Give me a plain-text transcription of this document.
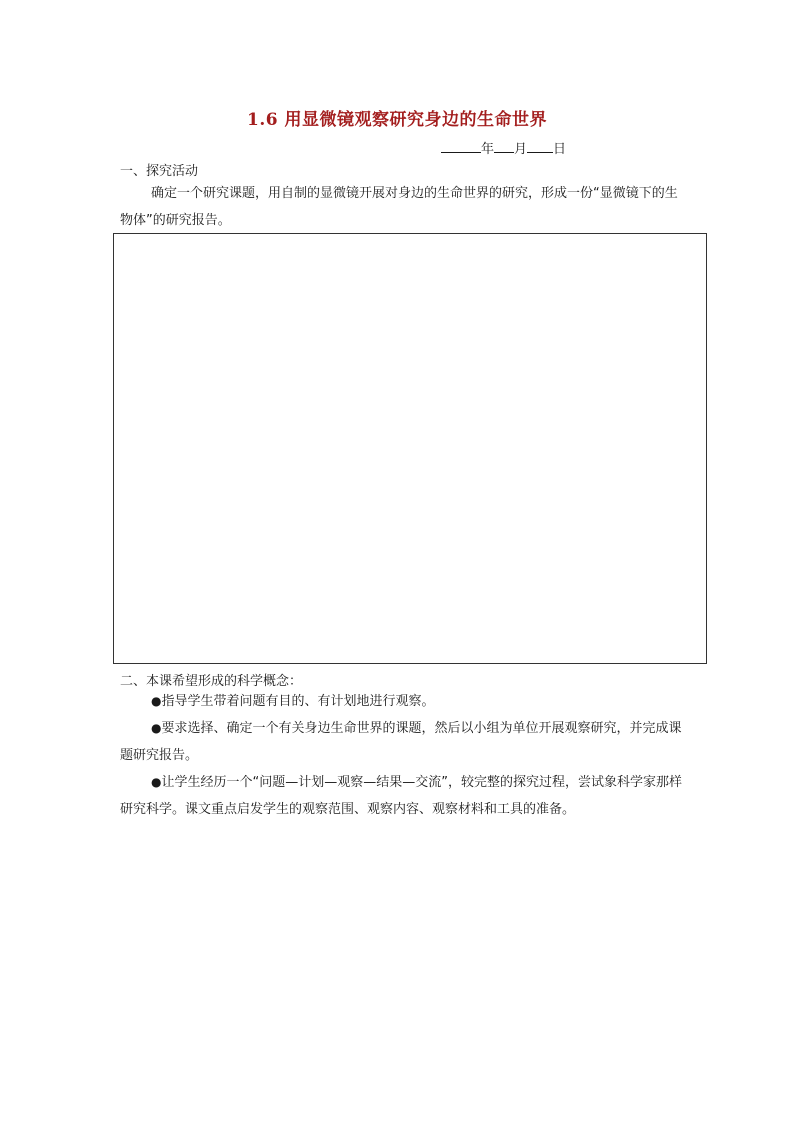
1.6 用显微镜观察研究身边的生命世界
年 月 日
一、探究活动
确定一个研究课题，用自制的显微镜开展对身边的生命世界的研究，形成一份“显微镜下的生物体”的研究报告。
二、本课希望形成的科学概念：
●指导学生带着问题有目的、有计划地进行观察。
●要求选择、确定一个有关身边生命世界的课题，然后以小组为单位开展观察研究，并完成课题研究报告。
●让学生经历一个“问题—计划—观察—结果—交流”，较完整的探究过程，尝试象科学家那样研究科学。课文重点启发学生的观察范围、观察内容、观察材料和工具的准备。
